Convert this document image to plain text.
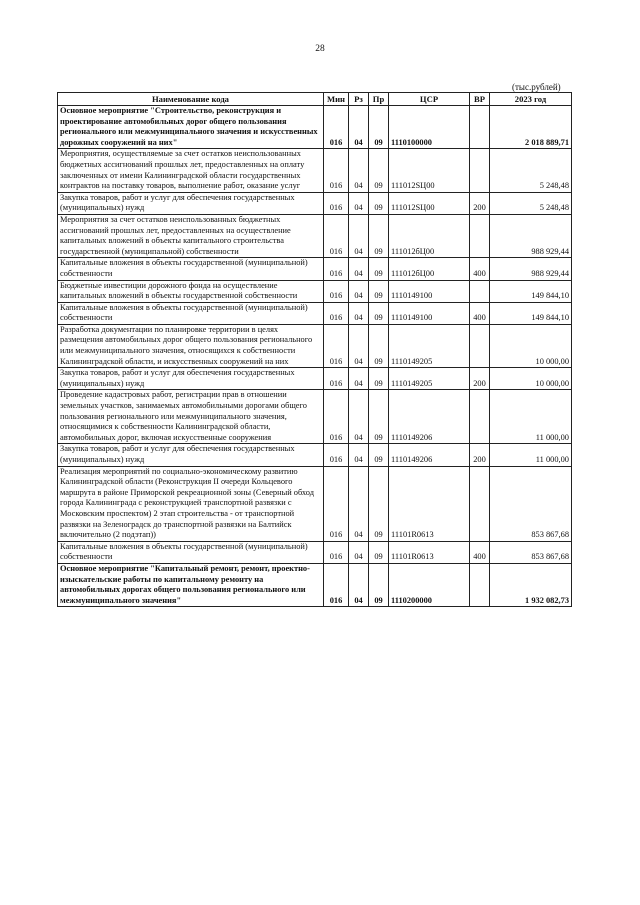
28
(тыс.рублей)
Наименование кода	Мин	Рз	Пр	ЦСР	ВР	2023 год
Основное мероприятие "Строительство, реконструкция и проектирование автомобильных дорог общего пользования регионального или межмуниципального значения и искусственных дорожных сооружений на них"	016	04	09	1110100000		2 018 889,71
Мероприятия, осуществляемые за счет остатков неиспользованных бюджетных ассигнований прошлых лет, предоставленных на оплату заключенных от имени Калининградской области государственных контрактов на поставку товаров, выполнение работ, оказание услуг	016	04	09	111012SЦ00		5 248,48
Закупка товаров, работ и услуг для обеспечения государственных (муниципальных) нужд	016	04	09	111012SЦ00	200	5 248,48
Мероприятия за счет остатков неиспользованных бюджетных ассигнований прошлых лет, предоставленных на осуществление капитальных вложений в объекты капитального строительства государственной (муниципальной) собственности	016	04	09	111012бЦ00		988 929,44
Капитальные вложения в объекты государственной (муниципальной) собственности	016	04	09	111012бЦ00	400	988 929,44
Бюджетные инвестиции дорожного фонда на осуществление капитальных вложений в объекты государственной собственности	016	04	09	1110149100		149 844,10
Капитальные вложения в объекты государственной (муниципальной) собственности	016	04	09	1110149100	400	149 844,10
Разработка документации по планировке территории в целях размещения автомобильных дорог общего пользования регионального или межмуниципального значения, относящихся к собственности Калининградской области, и искусственных сооружений на них	016	04	09	1110149205		10 000,00
Закупка товаров, работ и услуг для обеспечения государственных (муниципальных) нужд	016	04	09	1110149205	200	10 000,00
Проведение кадастровых работ, регистрации прав в отношении земельных участков, занимаемых автомобильными дорогами общего пользования регионального или межмуниципального значения, относящимися к собственности Калининградской области, автомобильных дорог, включая искусственные сооружения	016	04	09	1110149206		11 000,00
Закупка товаров, работ и услуг для обеспечения государственных (муниципальных) нужд	016	04	09	1110149206	200	11 000,00
Реализация мероприятий по социально-экономическому развитию Калининградской области (Реконструкция II очереди Кольцевого маршрута в районе Приморской рекреационной зоны (Северный обход города Калининграда с реконструкцией транспортной развязки с Московским проспектом) 2 этап строительства - от транспортной развязки на Зеленоградск до транспортной развязки на Балтийск включительно (2 подэтап))	016	04	09	11101R0613		853 867,68
Капитальные вложения в объекты государственной (муниципальной) собственности	016	04	09	11101R0613	400	853 867,68
Основное мероприятие "Капитальный ремонт, ремонт, проектно-изыскательские работы по капитальному ремонту на автомобильных дорогах общего пользования регионального или межмуниципального значения"	016	04	09	1110200000		1 932 082,73
